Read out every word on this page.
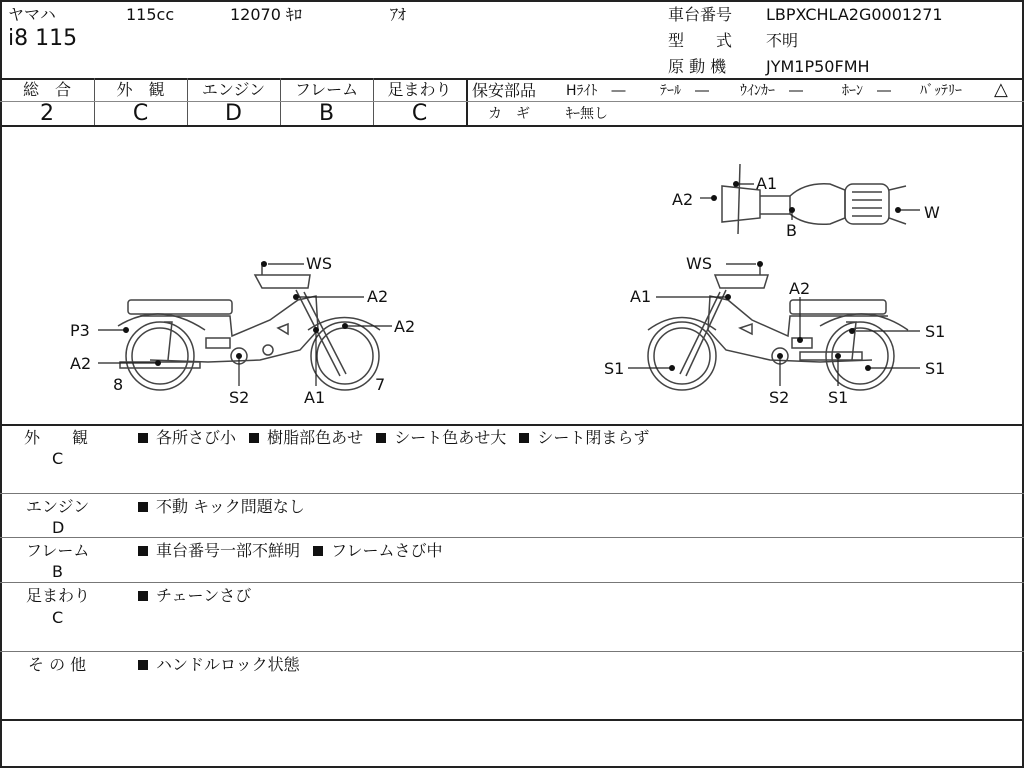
ヤマハ	115cc	12070 ｷﾛ	ｱｵ
i8 115
車台番号 LBPXCHLA2G0001271
型　　式 不明
原 動 機 JYM1P50FMH
総　合
2
外　観
C
エンジン
D
フレーム
B
足まわり
C
保安部品 Hﾗｲﾄ　― ﾃｰﾙ　― ｳｲﾝｶｰ　―	ﾎｰﾝ　― ﾊﾞｯﾃﾘｰ △
カ　ギ	ｷｰ無し
WS
A2
A2
P3
A2
8
S2	A1
7
WS
A1	A2
S1
S1
S1
S2 S1
A1
A2
B
W
外　　観
C
各所さび小 樹脂部色あせ シート色あせ大 シート閉まらず
エンジン
D
不動 キック問題なし
フレーム
B
車台番号一部不鮮明 フレームさび中
足まわり
C
チェーンさび
そ の 他	ハンドルロック状態
